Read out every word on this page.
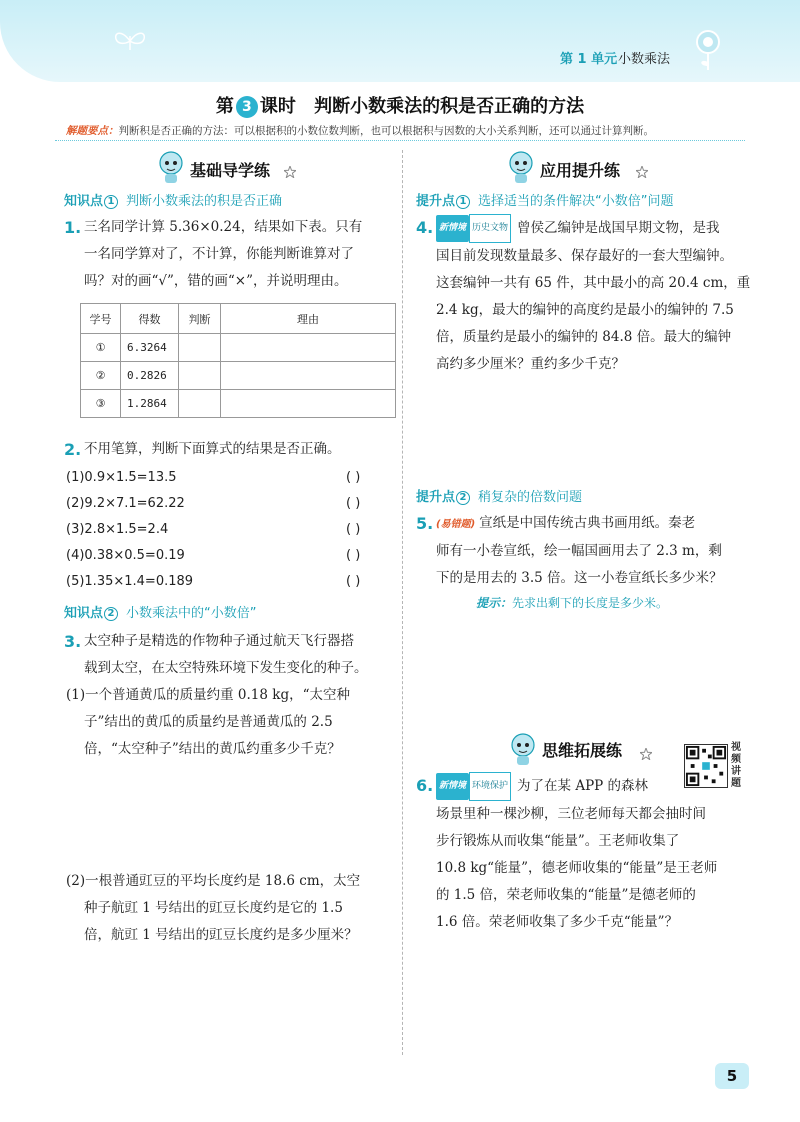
第 1 单元 小数乘法
第 3 课时 判断小数乘法的积是否正确的方法
解题要点：判断积是否正确的方法：可以根据积的小数位数判断，也可以根据积与因数的大小关系判断，还可以通过计算判断。
基础导学练
知识点 1 判断小数乘法的积是否正确
1. 三名同学计算 5.36×0.24，结果如下表。只有
一名同学算对了，不计算，你能判断谁算对了
吗？对的画“√”，错的画“×”，并说明理由。
学号	得数	判断	理由
①	6.3264		
②	0.2826		
③	1.2864		
2. 不用笔算，判断下面算式的结果是否正确。
(1)0.9×1.5=13.5	( )
(2)9.2×7.1=62.22	( )
(3)2.8×1.5=2.4	( )
(4)0.38×0.5=0.19	( )
(5)1.35×1.4=0.189	( )
知识点 2 小数乘法中的“小数倍”
3. 太空种子是精选的作物种子通过航天飞行器搭
载到太空，在太空特殊环境下发生变化的种子。
(1)一个普通黄瓜的质量约重 0.18 kg，“太空种
子”结出的黄瓜的质量约是普通黄瓜的 2.5
倍，“太空种子”结出的黄瓜约重多少千克？
(2)一根普通豇豆的平均长度约是 18.6 cm，太空
种子航豇 1 号结出的豇豆长度约是它的 1.5
倍，航豇 1 号结出的豇豆长度约是多少厘米？
应用提升练
提升点 1 选择适当的条件解决“小数倍”问题
4. 新情境 历史文物 曾侯乙编钟是战国早期文物，是我
国目前发现数量最多、保存最好的一套大型编钟。
这套编钟一共有 65 件，其中最小的高 20.4 cm，重
2.4 kg，最大的编钟的高度约是最小的编钟的 7.5
倍，质量约是最小的编钟的 84.8 倍。最大的编钟
高约多少厘米？重约多少千克？
提升点 2 稍复杂的倍数问题
5. (易错题) 宣纸是中国传统古典书画用纸。秦老
师有一小卷宣纸，绘一幅国画用去了 2.3 m，剩
下的是用去的 3.5 倍。这一小卷宣纸长多少米？
提示：先求出剩下的长度是多少米。
思维拓展练	视频讲题
6. 新情境 环境保护 为了在某 APP 的森林
场景里种一棵沙柳，三位老师每天都会抽时间
步行锻炼从而收集“能量”。王老师收集了
10.8 kg“能量”，德老师收集的“能量”是王老师
的 1.5 倍，荣老师收集的“能量”是德老师的
1.6 倍。荣老师收集了多少千克“能量”？
5
